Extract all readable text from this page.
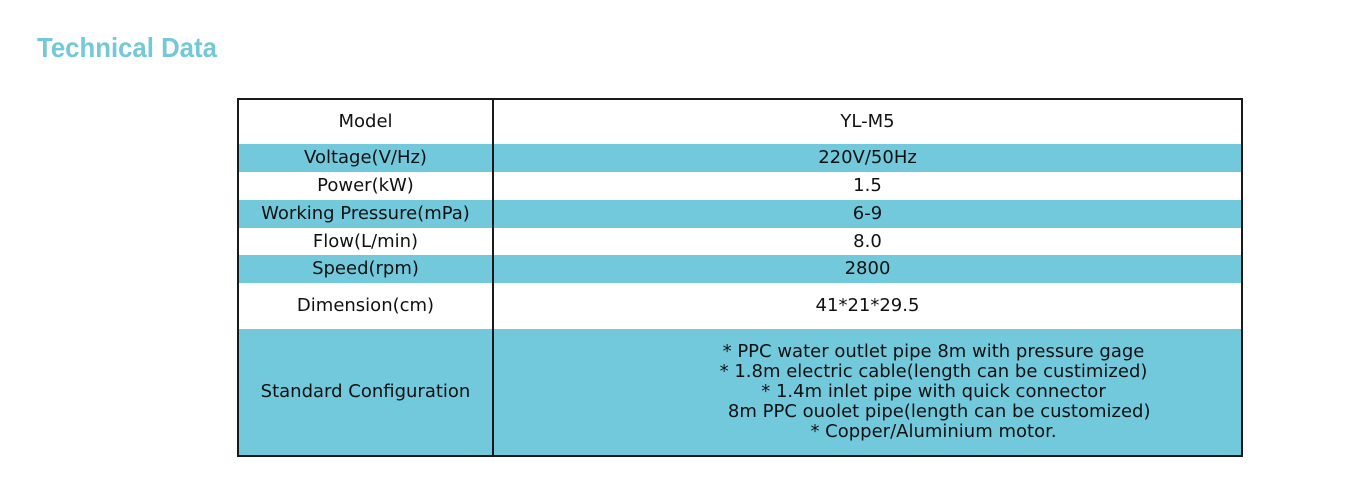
Technical Data
Model	YL-M5
Voltage(V/Hz)	220V/50Hz
Power(kW)	1.5
Working Pressure(mPa)	6-9
Flow(L/min)	8.0
Speed(rpm)	2800
Dimension(cm)	41*21*29.5
Standard Configuration	* PPC water outlet pipe 8m with pressure gage
* 1.8m electric cable(length can be custimized)
* 1.4m inlet pipe with quick connector
8m PPC ouolet pipe(length can be customized)
* Copper/Aluminium motor.
